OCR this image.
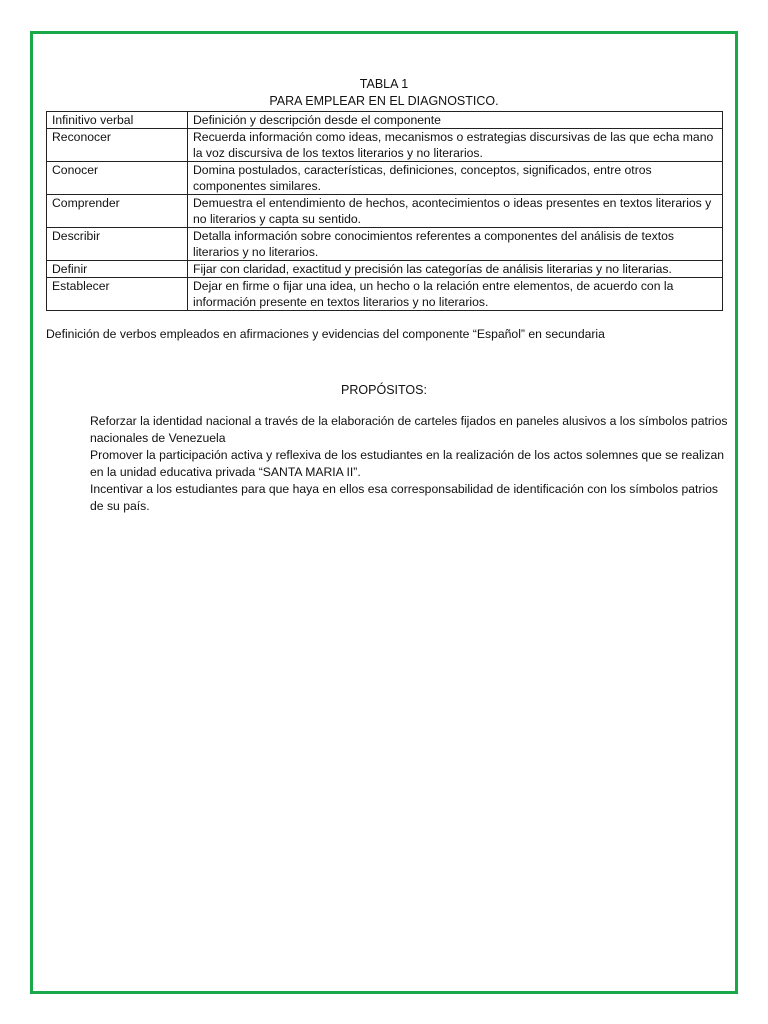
TABLA 1
PARA EMPLEAR EN EL DIAGNOSTICO.
Infinitivo verbal	Definición y descripción desde el componente
Reconocer	Recuerda información como ideas, mecanismos o estrategias discursivas de las que echa mano la voz discursiva de los textos literarios y no literarios.
Conocer	Domina postulados, características, definiciones, conceptos, significados, entre otros componentes similares.
Comprender	Demuestra el entendimiento de hechos, acontecimientos o ideas presentes en textos literarios y no literarios y capta su sentido.
Describir	Detalla información sobre conocimientos referentes a componentes del análisis de textos literarios y no literarios.
Definir	Fijar con claridad, exactitud y precisión las categorías de análisis literarias y no literarias.
Establecer	Dejar en firme o fijar una idea, un hecho o la relación entre elementos, de acuerdo con la información presente en textos literarios y no literarios.
Definición de verbos empleados en afirmaciones y evidencias del componente “Español” en secundaria
PROPÓSITOS:

Reforzar la identidad nacional a través de la elaboración de carteles fijados en paneles alusivos a los símbolos patrios nacionales de Venezuela

Promover la participación activa y reflexiva de los estudiantes en la realización de los actos solemnes que se realizan en la unidad educativa privada “SANTA MARIA II”.

Incentivar a los estudiantes para que haya en ellos esa corresponsabilidad de identificación con los símbolos patrios de su país.
